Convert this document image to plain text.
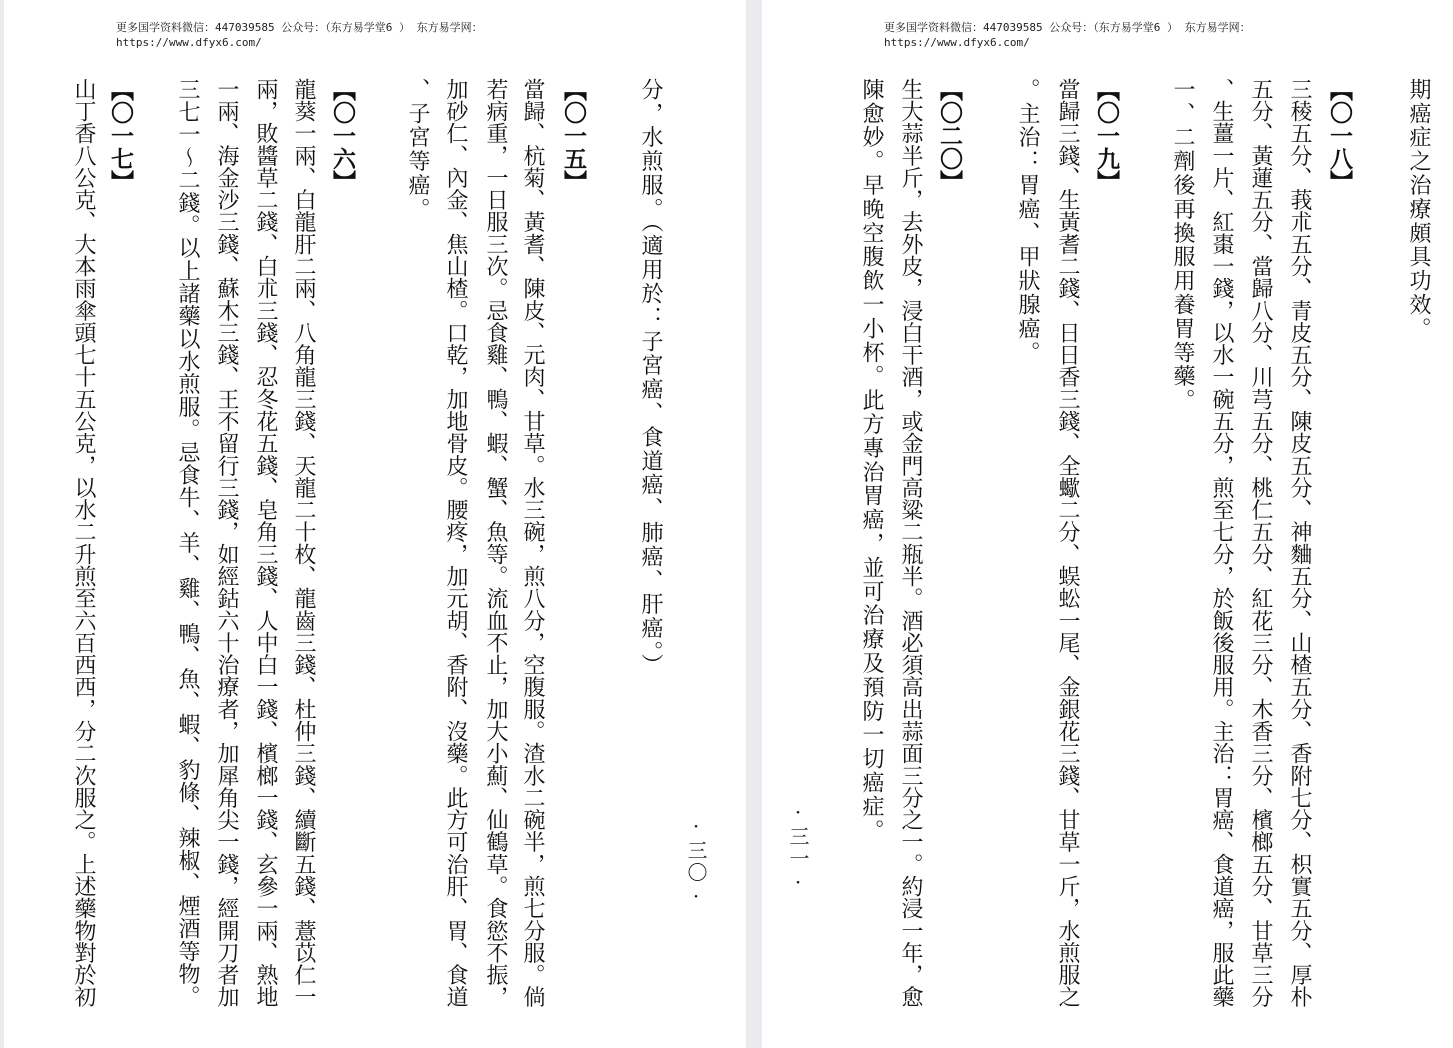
更多国学资料微信：447039585 公众号：（东方易学堂6 ） 东方易学网：
https://www.dfyx6.com/
分，水煎服。（適用於：子宮癌、食道癌、肺癌、肝癌。）
【〇一五】
當歸、杭菊、黃耆、陳皮、元肉、甘草。水三碗，煎八分，空腹服。渣水二碗半，煎七分服。倘
若病重，一日服三次。忌食雞、鴨、蝦、蟹、魚等。流血不止，加大小薊、仙鶴草。食慾不振，
加砂仁、內金、焦山楂。口乾，加地骨皮。腰疼，加元胡、香附、沒藥。此方可治肝、胃、食道
、子宮等癌。
【〇一六】
龍葵一兩、白龍肝二兩、八角龍三錢、天龍二十枚、龍齒三錢、杜仲三錢、續斷五錢、薏苡仁一
兩，敗醬草二錢、白朮三錢、忍冬花五錢、皂角三錢、人中白一錢、檳榔一錢、玄參一兩、熟地
一兩、海金沙三錢、蘇木三錢、王不留行三錢，如經鈷六十治療者，加犀角尖一錢，經開刀者加
三七一～二錢。以上諸藥以水煎服。忌食牛、羊、雞、鴨、魚、蝦、豹條、辣椒、煙酒等物。
【〇一七】
山丁香八公克、大本雨傘頭七十五公克，以水二升煎至六百西西，分二次服之。上述藥物對於初	·三〇·
更多国学资料微信：447039585 公众号：（东方易学堂6 ） 东方易学网：
https://www.dfyx6.com/
期癌症之治療頗具功效。
【〇一八】
三稜五分、莪朮五分、青皮五分、陳皮五分、神麯五分、山楂五分、香附七分、枳實五分、厚朴
五分、黃蓮五分、當歸八分、川芎五分、桃仁五分、紅花三分、木香三分、檳榔五分、甘草三分
、生薑一片、紅棗一錢，以水一碗五分，煎至七分，於飯後服用。主治：胃癌、食道癌，服此藥
一、二劑後再換服用養胃等藥。
【〇一九】
當歸三錢、生黃耆二錢、日日香三錢、全蠍二分、蜈蚣一尾、金銀花三錢、甘草一斤，水煎服之
。主治：胃癌、甲狀腺癌。
【〇二〇】
生大蒜半斤，去外皮，浸白干酒，或金門高粱二瓶半。酒必須高出蒜面三分之一。約浸一年，愈
陳愈妙。早晚空腹飲一小杯。此方專治胃癌，並可治療及預防一切癌症。
·三一·
